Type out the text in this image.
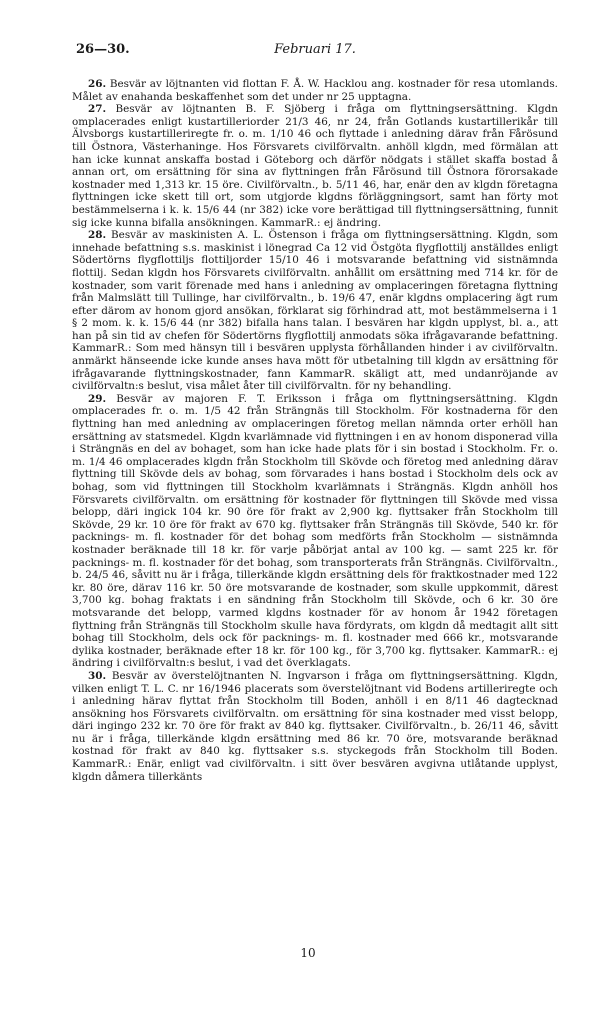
26—30.	Februari 17.

26. Besvär av löjtnanten vid flottan F. Å. W. Hacklou ang. kostnader för resa utomlands. Målet av enahanda beskaffenhet som det under nr 25 upptagna.

27. Besvär av löjtnanten B. F. Sjöberg i fråga om flyttningsersättning. Klgdn omplacerades enligt kustartilleriorder 21/3 46, nr 24, från Gotlands kustartillerikår till Älvsborgs kustartilleriregte fr. o. m. 1/10 46 och flyttade i anledning därav från Fårösund till Östnora, Västerhaninge. Hos Försvarets civilförvaltn. anhöll klgdn, med förmälan att han icke kunnat anskaffa bostad i Göteborg och därför nödgats i stället skaffa bostad å annan ort, om ersättning för sina av flyttningen från Fårösund till Östnora förorsakade kostnader med 1,313 kr. 15 öre. Civilförvaltn., b. 5/11 46, har, enär den av klgdn företagna flyttningen icke skett till ort, som utgjorde klgdns förläggningsort, samt han förty mot bestämmelserna i k. k. 15/6 44 (nr 382) icke vore berättigad till flyttningsersättning, funnit sig icke kunna bifalla ansökningen. KammarR.: ej ändring.

28. Besvär av maskinisten A. L. Östenson i fråga om flyttningsersättning. Klgdn, som innehade befattning s.s. maskinist i lönegrad Ca 12 vid Östgöta flygflottilj anställdes enligt Södertörns flygflottiljs flottiljorder 15/10 46 i motsvarande befattning vid sistnämnda flottilj. Sedan klgdn hos Försvarets civilförvaltn. anhållit om ersättning med 714 kr. för de kostnader, som varit förenade med hans i anledning av omplaceringen företagna flyttning från Malmslätt till Tullinge, har civilförvaltn., b. 19/6 47, enär klgdns omplacering ägt rum efter därom av honom gjord ansökan, förklarat sig förhindrad att, mot bestämmelserna i 1 § 2 mom. k. k. 15/6 44 (nr 382) bifalla hans talan. I besvären har klgdn upplyst, bl. a., att han på sin tid av chefen för Södertörns flygflottilj anmodats söka ifrågavarande befattning. KammarR.: Som med hänsyn till i besvären upplysta förhållanden hinder i av civilförvaltn. anmärkt hänseende icke kunde anses hava mött för utbetalning till klgdn av ersättning för ifrågavarande flyttningskostnader, fann KammarR. skäligt att, med undanröjande av civilförvaltn:s beslut, visa målet åter till civilförvaltn. för ny behandling.

29. Besvär av majoren F. T. Eriksson i fråga om flyttningsersättning. Klgdn omplacerades fr. o. m. 1/5 42 från Strängnäs till Stockholm. För kostnaderna för den flyttning han med anledning av omplaceringen företog mellan nämnda orter erhöll han ersättning av statsmedel. Klgdn kvarlämnade vid flyttningen i en av honom disponerad villa i Strängnäs en del av bohaget, som han icke hade plats för i sin bostad i Stockholm. Fr. o. m. 1/4 46 omplacerades klgdn från Stockholm till Skövde och företog med anledning därav flyttning till Skövde dels av bohag, som förvarades i hans bostad i Stockholm dels ock av bohag, som vid flyttningen till Stockholm kvarlämnats i Strängnäs. Klgdn anhöll hos Försvarets civilförvaltn. om ersättning för kostnader för flyttningen till Skövde med vissa belopp, däri ingick 104 kr. 90 öre för frakt av 2,900 kg. flyttsaker från Stockholm till Skövde, 29 kr. 10 öre för frakt av 670 kg. flyttsaker från Strängnäs till Skövde, 540 kr. för packnings- m. fl. kostnader för det bohag som medförts från Stockholm — sistnämnda kostnader beräknade till 18 kr. för varje påbörjat antal av 100 kg. — samt 225 kr. för packnings- m. fl. kostnader för det bohag, som transporterats från Strängnäs. Civilförvaltn., b. 24/5 46, såvitt nu är i fråga, tillerkände klgdn ersättning dels för fraktkostnader med 122 kr. 80 öre, därav 116 kr. 50 öre motsvarande de kostnader, som skulle uppkommit, därest 3,700 kg. bohag fraktats i en sändning från Stockholm till Skövde, och 6 kr. 30 öre motsvarande det belopp, varmed klgdns kostnader för av honom år 1942 företagen flyttning från Strängnäs till Stockholm skulle hava fördyrats, om klgdn då medtagit allt sitt bohag till Stockholm, dels ock för packnings- m. fl. kostnader med 666 kr., motsvarande dylika kostnader, beräknade efter 18 kr. för 100 kg., för 3,700 kg. flyttsaker. KammarR.: ej ändring i civilförvaltn:s beslut, i vad det överklagats.

30. Besvär av överstelöjtnanten N. Ingvarson i fråga om flyttningsersättning. Klgdn, vilken enligt T. L. C. nr 16/1946 placerats som överstelöjtnant vid Bodens artilleriregte och i anledning härav flyttat från Stockholm till Boden, anhöll i en 8/11 46 dagtecknad ansökning hos Försvarets civilförvaltn. om ersättning för sina kostnader med visst belopp, däri ingingo 232 kr. 70 öre för frakt av 840 kg. flyttsaker. Civilförvaltn., b. 26/11 46, såvitt nu är i fråga, tillerkände klgdn ersättning med 86 kr. 70 öre, motsvarande beräknad kostnad för frakt av 840 kg. flyttsaker s.s. styckegods från Stockholm till Boden. KammarR.: Enär, enligt vad civilförvaltn. i sitt över besvären avgivna utlåtande upplyst, klgdn dåmera tillerkänts

10
